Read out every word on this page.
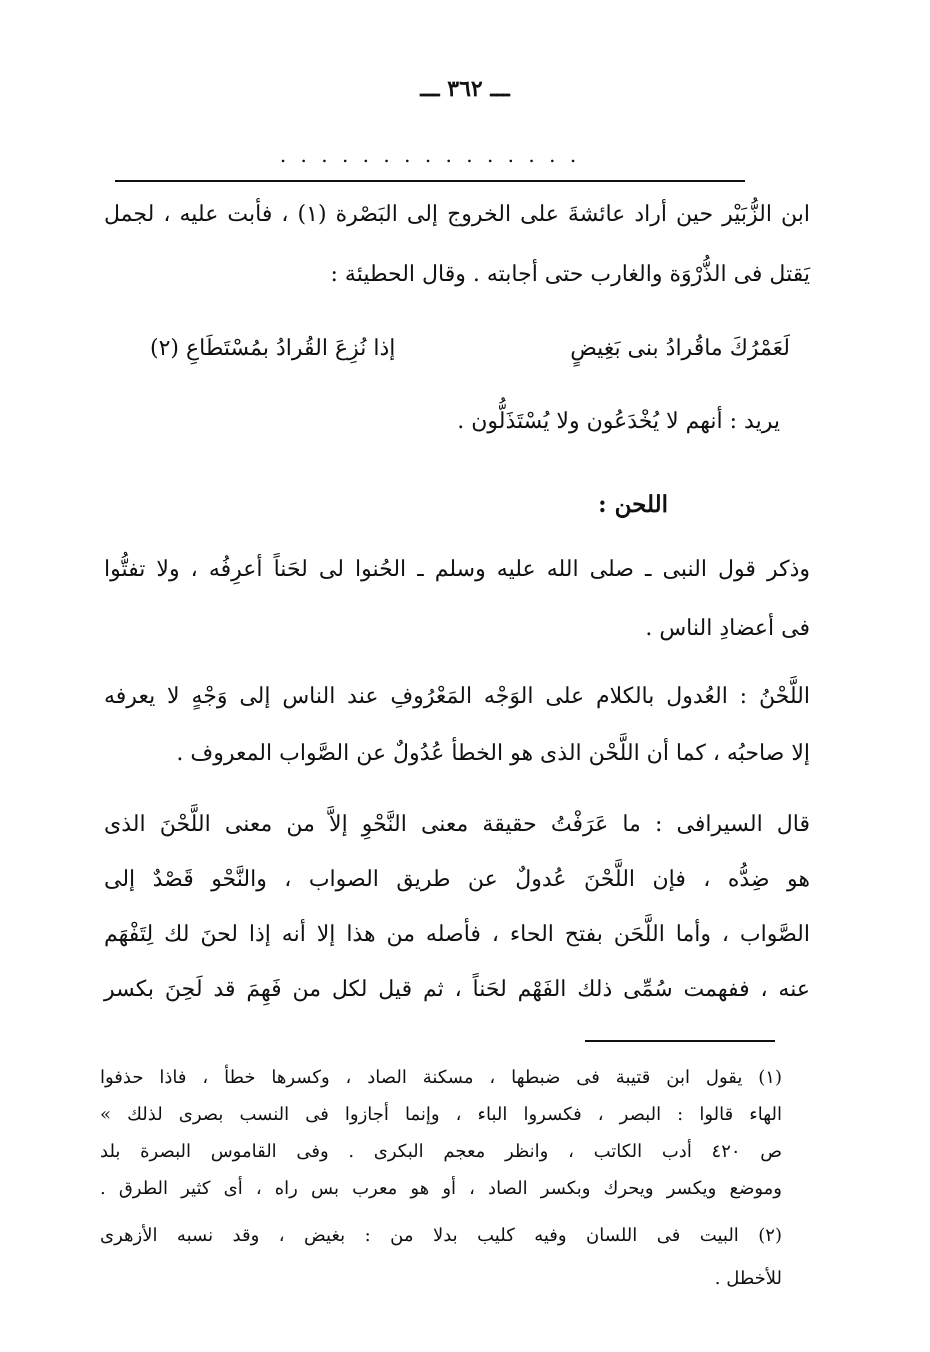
ـــ ٣٦٢ ـــ
. . . . . . . . . . . . . . .
ابن الزُّبَيْر حين أراد عائشةَ على الخروج إلى البَصْرة (١) ، فأبت عليه ، لجمل
يَقتل فى الذُّرْوَة والغارب حتى أجابته . وقال الحطيئة :
لَعَمْرُكَ ماقُرادُ بنى بَغِيضٍ
إذا نُزِعَ القُرادُ بمُسْتَطَاعِ (٢)
يريد : أنهم لا يُخْدَعُون ولا يُسْتَذَلُّون .
اللحن :
وذكر قول النبى ـ صلى الله عليه وسلم ـ الحُنوا لى لحَناً أعرِفُه ، ولا تفتُّوا
فى أعضادِ الناس .
اللَّحْنُ : العُدول بالكلام على الوَجْه المَعْرُوفِ عند الناس إلى وَجْهٍ لا يعرفه
إلا صاحبُه ، كما أن اللَّحْن الذى هو الخطأ عُدُولٌ عن الصَّواب المعروف .
قال السيرافى : ما عَرَفْتُ حقيقة معنى النَّحْوِ إلاَّ من معنى اللَّحْنَ الذى
هو ضِدُّه ، فإن اللَّحْنَ عُدولٌ عن طريق الصواب ، والنَّحْو قَصْدٌ إلى
الصَّواب ، وأما اللَّحَن بفتح الحاء ، فأصله من هذا إلا أنه إذا لحنَ لك لِتَفْهَم
عنه ، ففهمت سُمِّى ذلك الفَهْم لحَناً ، ثم قيل لكل من فَهِمَ قد لَحِنَ بكسر
(١) يقول ابن قتيبة فى ضبطها ، مسكنة الصاد ، وكسرها خطأ ، فاذا حذفوا
الهاء قالوا : البصر ، فكسروا الباء ، وإنما أجازوا فى النسب بصرى لذلك »
ص ٤٢٠ أدب الكاتب ، وانظر معجم البكرى . وفى القاموس البصرة بلد
وموضع ويكسر ويحرك وبكسر الصاد ، أو هو معرب بس راه ، أى كثير الطرق .
(٢) البيت فى اللسان وفيه كليب بدلا من : بغيض ، وقد نسبه الأزهرى
للأخطل .
